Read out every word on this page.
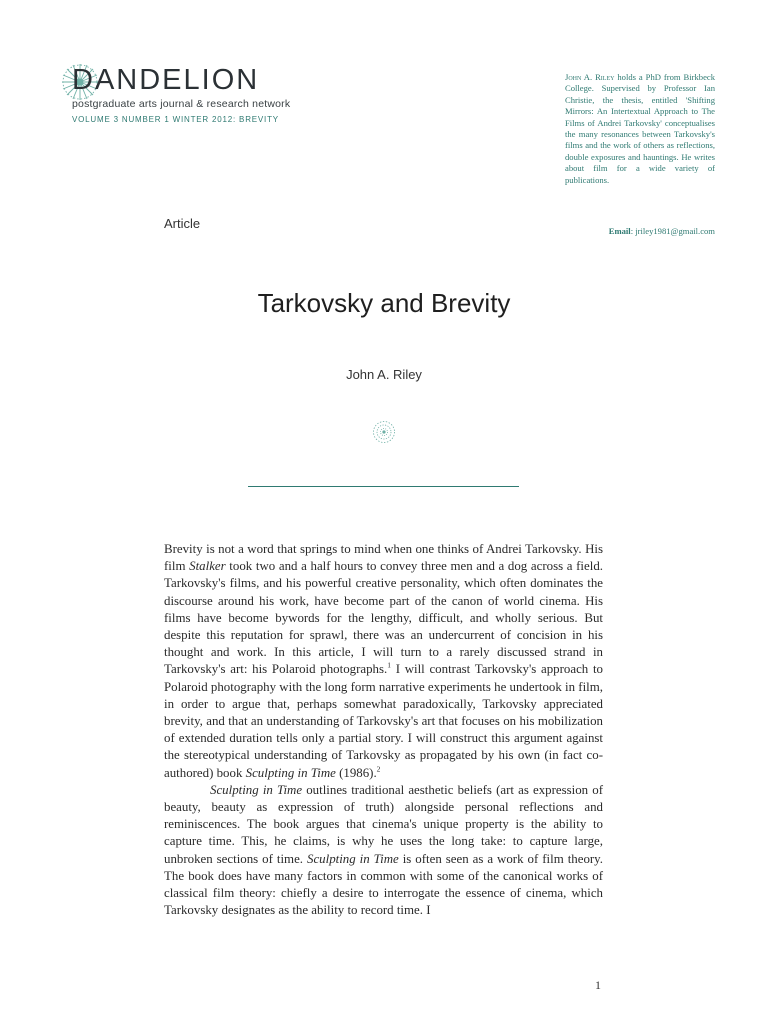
DANDELION
postgraduate arts journal & research network
VOLUME 3 NUMBER 1 WINTER 2012: BREVITY
John A. Riley holds a PhD from Birkbeck College. Supervised by Professor Ian Christie, the thesis, entitled 'Shifting Mirrors: An Intertextual Approach to The Films of Andrei Tarkovsky' conceptualises the many resonances between Tarkovsky's films and the work of others as reflections, double exposures and hauntings. He writes about film for a wide variety of publications.
Email: jriley1981@gmail.com
Article
Tarkovsky and Brevity
John A. Riley

Brevity is not a word that springs to mind when one thinks of Andrei Tarkovsky. His film Stalker took two and a half hours to convey three men and a dog across a field. Tarkovsky's films, and his powerful creative personality, which often dominates the discourse around his work, have become part of the canon of world cinema. His films have become bywords for the lengthy, difficult, and wholly serious. But despite this reputation for sprawl, there was an undercurrent of concision in his thought and work. In this article, I will turn to a rarely discussed strand in Tarkovsky's art: his Polaroid photographs.$^1$ I will contrast Tarkovsky's approach to Polaroid photography with the long form narrative experiments he undertook in film, in order to argue that, perhaps somewhat paradoxically, Tarkovsky appreciated brevity, and that an understanding of Tarkovsky's art that focuses on his mobilization of extended duration tells only a partial story. I will construct this argument against the stereotypical understanding of Tarkovsky as propagated by his own (in fact co-authored) book Sculpting in Time (1986).$^2$

Sculpting in Time outlines traditional aesthetic beliefs (art as expression of beauty, beauty as expression of truth) alongside personal reflections and reminiscences. The book argues that cinema's unique property is the ability to capture time. This, he claims, is why he uses the long take: to capture large, unbroken sections of time. Sculpting in Time is often seen as a work of film theory. The book does have many factors in common with some of the canonical works of classical film theory: chiefly a desire to interrogate the essence of cinema, which Tarkovsky designates as the ability to record time. I

1
